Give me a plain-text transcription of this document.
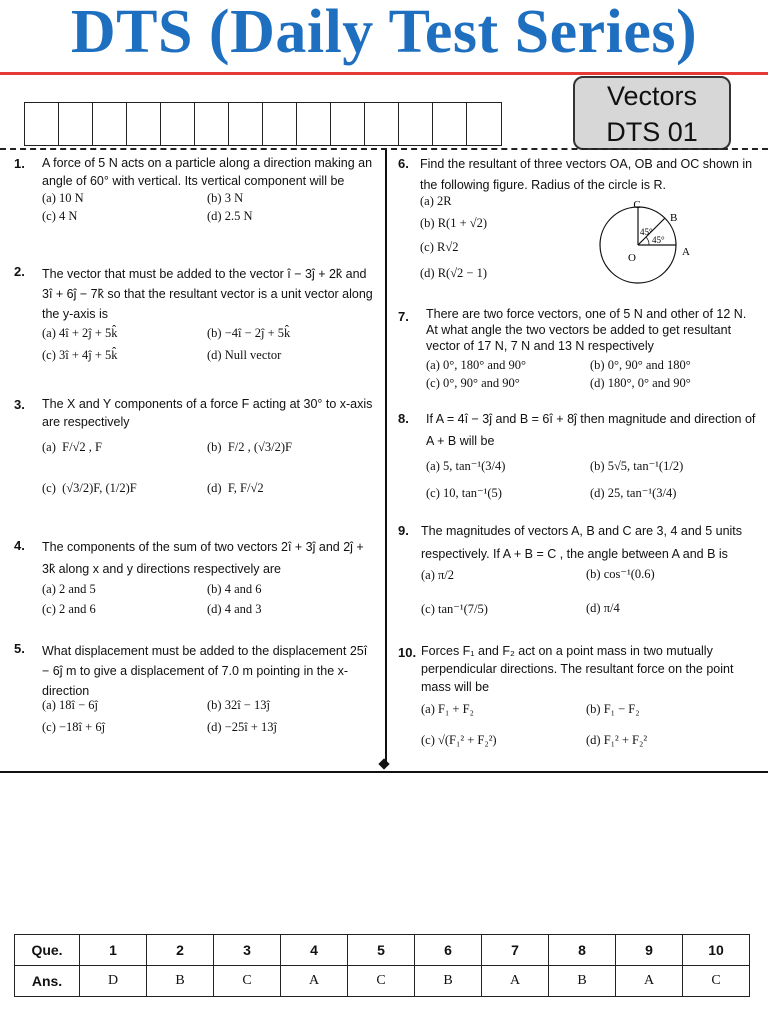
DTS (Daily Test Series)
Vectors
DTS 01
1. A force of 5 N acts on a particle along a direction making an angle of 60° with vertical. Its vertical component will be
(a) 10 N	(b) 3 N
(c) 4 N	(d) 2.5 N
2. The vector that must be added to the vector î − 3ĵ + 2k̂ and 3î + 6ĵ − 7k̂ so that the resultant vector is a unit vector along the y-axis is
(a) 4î + 2ĵ + 5k̂	(b) −4î − 2ĵ + 5k̂
(c) 3î + 4ĵ + 5k̂	(d) Null vector
3. The X and Y components of a force F acting at 30° to x-axis are respectively
(a) F/√2 , F	(b) F/2 , (√3/2)F
(c) (√3/2)F, (1/2)F	(d) F, F/√2
4. The components of the sum of two vectors 2î + 3ĵ and 2ĵ + 3k̂ along x and y directions respectively are
(a) 2 and 5	(b) 4 and 6
(c) 2 and 6	(d) 4 and 3
5. What displacement must be added to the displacement 25î − 6ĵ m to give a displacement of 7.0 m pointing in the x- direction
(a) 18î − 6ĵ	(b) 32î − 13ĵ
(c) −18î + 6ĵ	(d) −25î + 13ĵ
6. Find the resultant of three vectors OA, OB and OC shown in the following figure. Radius of the circle is R.
(a) 2R
(b) R(1 + √2)
(c) R√2
(d) R(√2 − 1)
C
B
A
O
45°
45°
7. There are two force vectors, one of 5 N and other of 12 N. At what angle the two vectors be added to get resultant vector of 17 N, 7 N and 13 N respectively
(a) 0°, 180° and 90°	(b) 0°, 90° and 180°
(c) 0°, 90° and 90°	(d) 180°, 0° and 90°
8. If A = 4î − 3ĵ and B = 6î + 8ĵ then magnitude and direction of A + B will be
(a) 5, tan⁻¹(3/4)	(b) 5√5, tan⁻¹(1/2)
(c) 10, tan⁻¹(5)	(d) 25, tan⁻¹(3/4)
9. The magnitudes of vectors A, B and C are 3, 4 and 5 units respectively. If A + B = C , the angle between A and B is
(a) π/2	(b) cos⁻¹(0.6)
(c) tan⁻¹(7/5)	(d) π/4
10. Forces F₁ and F₂ act on a point mass in two mutually perpendicular directions. The resultant force on the point mass will be
(a) F₁ + F₂	(b) F₁ − F₂
(c) √(F₁² + F₂²)	(d) F₁² + F₂²
Que.	1	2	3	4	5	6	7	8	9	10
Ans.	D	B	C	A	C	B	A	B	A	C
